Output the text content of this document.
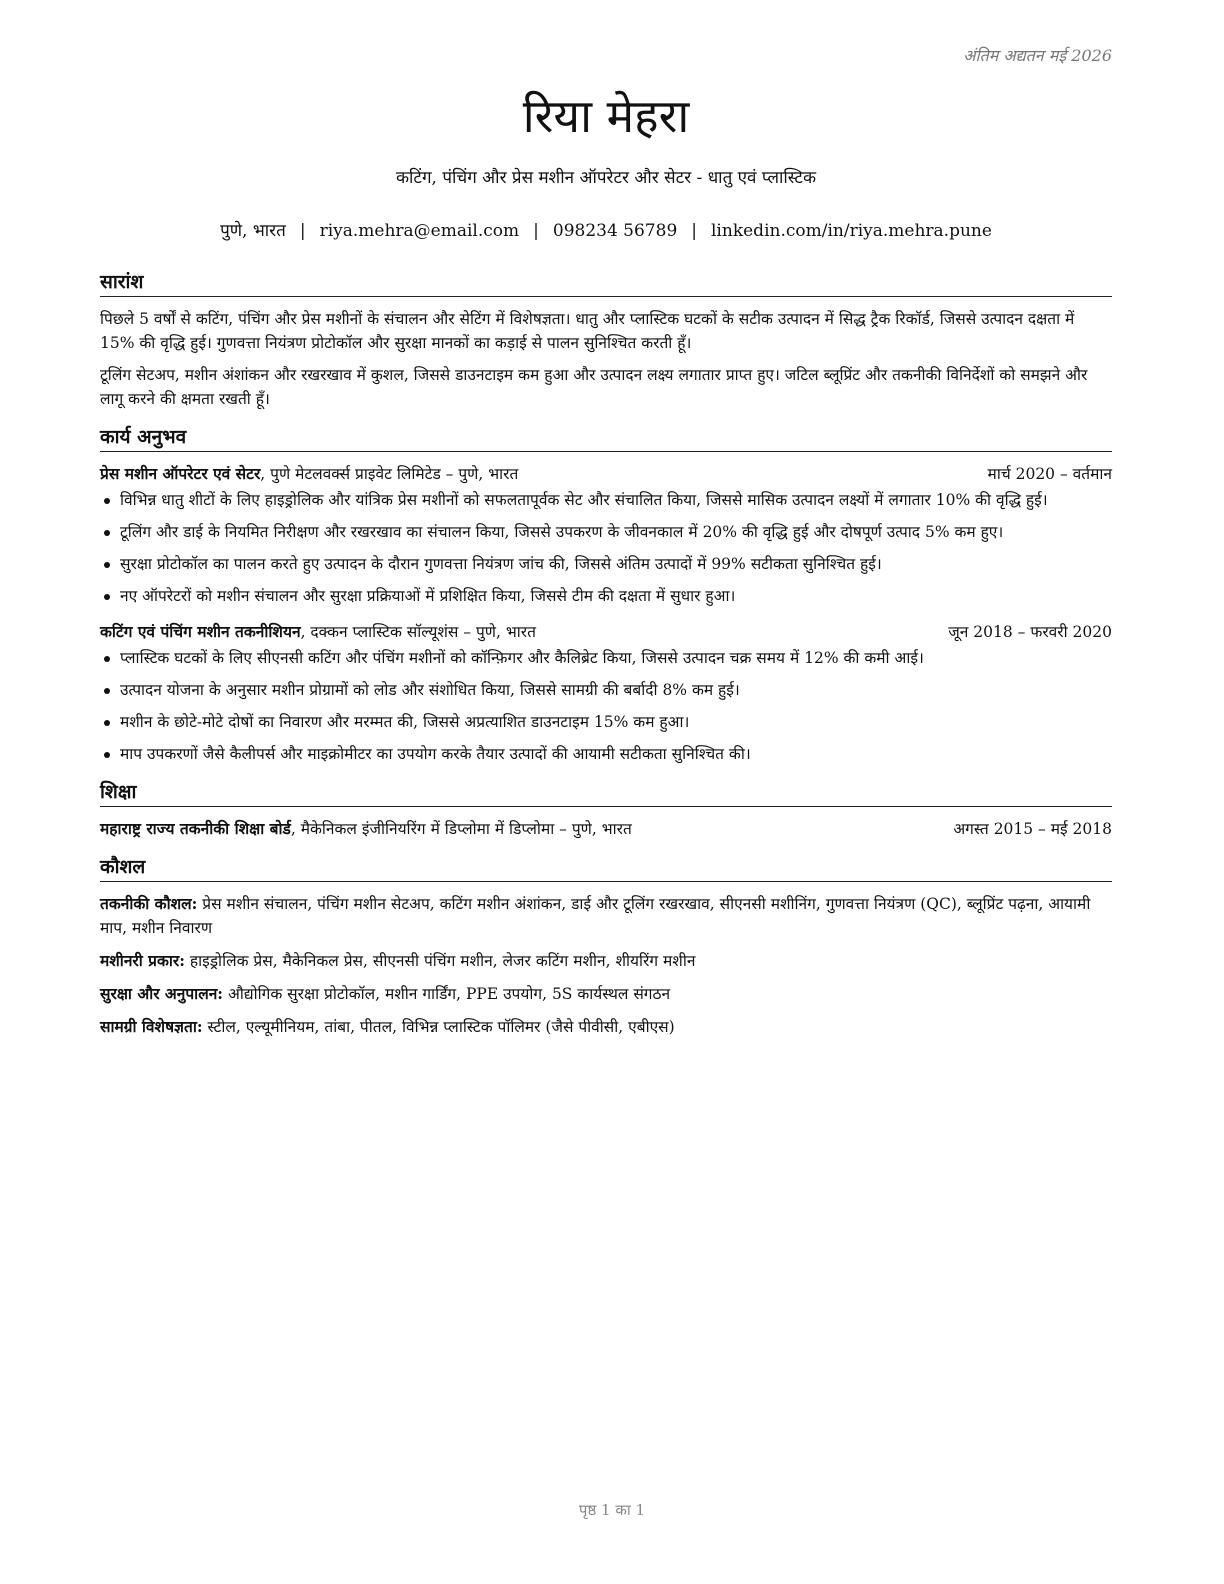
अंतिम अद्यतन मई 2026
रिया मेहरा
कटिंग, पंचिंग और प्रेस मशीन ऑपरेटर और सेटर - धातु एवं प्लास्टिक
पुणे, भारत | riya.mehra@email.com | 098234 56789 | linkedin.com/in/riya.mehra.pune
सारांश

पिछले 5 वर्षों से कटिंग, पंचिंग और प्रेस मशीनों के संचालन और सेटिंग में विशेषज्ञता। धातु और प्लास्टिक घटकों के सटीक उत्पादन में सिद्ध ट्रैक रिकॉर्ड, जिससे उत्पादन दक्षता में 15% की वृद्धि हुई। गुणवत्ता नियंत्रण प्रोटोकॉल और सुरक्षा मानकों का कड़ाई से पालन सुनिश्चित करती हूँ।

टूलिंग सेटअप, मशीन अंशांकन और रखरखाव में कुशल, जिससे डाउनटाइम कम हुआ और उत्पादन लक्ष्य लगातार प्राप्त हुए। जटिल ब्लूप्रिंट और तकनीकी विनिर्देशों को समझने और लागू करने की क्षमता रखती हूँ।

कार्य अनुभव
प्रेस मशीन ऑपरेटर एवं सेटर, पुणे मेटलवर्क्स प्राइवेट लिमिटेड – पुणे, भारत	मार्च 2020 – वर्तमान
विभिन्न धातु शीटों के लिए हाइड्रोलिक और यांत्रिक प्रेस मशीनों को सफलतापूर्वक सेट और संचालित किया, जिससे मासिक उत्पादन लक्ष्यों में लगातार 10% की वृद्धि हुई।
टूलिंग और डाई के नियमित निरीक्षण और रखरखाव का संचालन किया, जिससे उपकरण के जीवनकाल में 20% की वृद्धि हुई और दोषपूर्ण उत्पाद 5% कम हुए।
सुरक्षा प्रोटोकॉल का पालन करते हुए उत्पादन के दौरान गुणवत्ता नियंत्रण जांच की, जिससे अंतिम उत्पादों में 99% सटीकता सुनिश्चित हुई।
नए ऑपरेटरों को मशीन संचालन और सुरक्षा प्रक्रियाओं में प्रशिक्षित किया, जिससे टीम की दक्षता में सुधार हुआ।
कटिंग एवं पंचिंग मशीन तकनीशियन, दक्कन प्लास्टिक सॉल्यूशंस – पुणे, भारत	जून 2018 – फरवरी 2020
प्लास्टिक घटकों के लिए सीएनसी कटिंग और पंचिंग मशीनों को कॉन्फ़िगर और कैलिब्रेट किया, जिससे उत्पादन चक्र समय में 12% की कमी आई।
उत्पादन योजना के अनुसार मशीन प्रोग्रामों को लोड और संशोधित किया, जिससे सामग्री की बर्बादी 8% कम हुई।
मशीन के छोटे-मोटे दोषों का निवारण और मरम्मत की, जिससे अप्रत्याशित डाउनटाइम 15% कम हुआ।
माप उपकरणों जैसे कैलीपर्स और माइक्रोमीटर का उपयोग करके तैयार उत्पादों की आयामी सटीकता सुनिश्चित की।
शिक्षा
महाराष्ट्र राज्य तकनीकी शिक्षा बोर्ड, मैकेनिकल इंजीनियरिंग में डिप्लोमा में डिप्लोमा – पुणे, भारत	अगस्त 2015 – मई 2018
कौशल

तकनीकी कौशल: प्रेस मशीन संचालन, पंचिंग मशीन सेटअप, कटिंग मशीन अंशांकन, डाई और टूलिंग रखरखाव, सीएनसी मशीनिंग, गुणवत्ता नियंत्रण (QC), ब्लूप्रिंट पढ़ना, आयामी माप, मशीन निवारण

मशीनरी प्रकार: हाइड्रोलिक प्रेस, मैकेनिकल प्रेस, सीएनसी पंचिंग मशीन, लेजर कटिंग मशीन, शीयरिंग मशीन

सुरक्षा और अनुपालन: औद्योगिक सुरक्षा प्रोटोकॉल, मशीन गार्डिंग, PPE उपयोग, 5S कार्यस्थल संगठन

सामग्री विशेषज्ञता: स्टील, एल्यूमीनियम, तांबा, पीतल, विभिन्न प्लास्टिक पॉलिमर (जैसे पीवीसी, एबीएस)

पृष्ठ 1 का 1
